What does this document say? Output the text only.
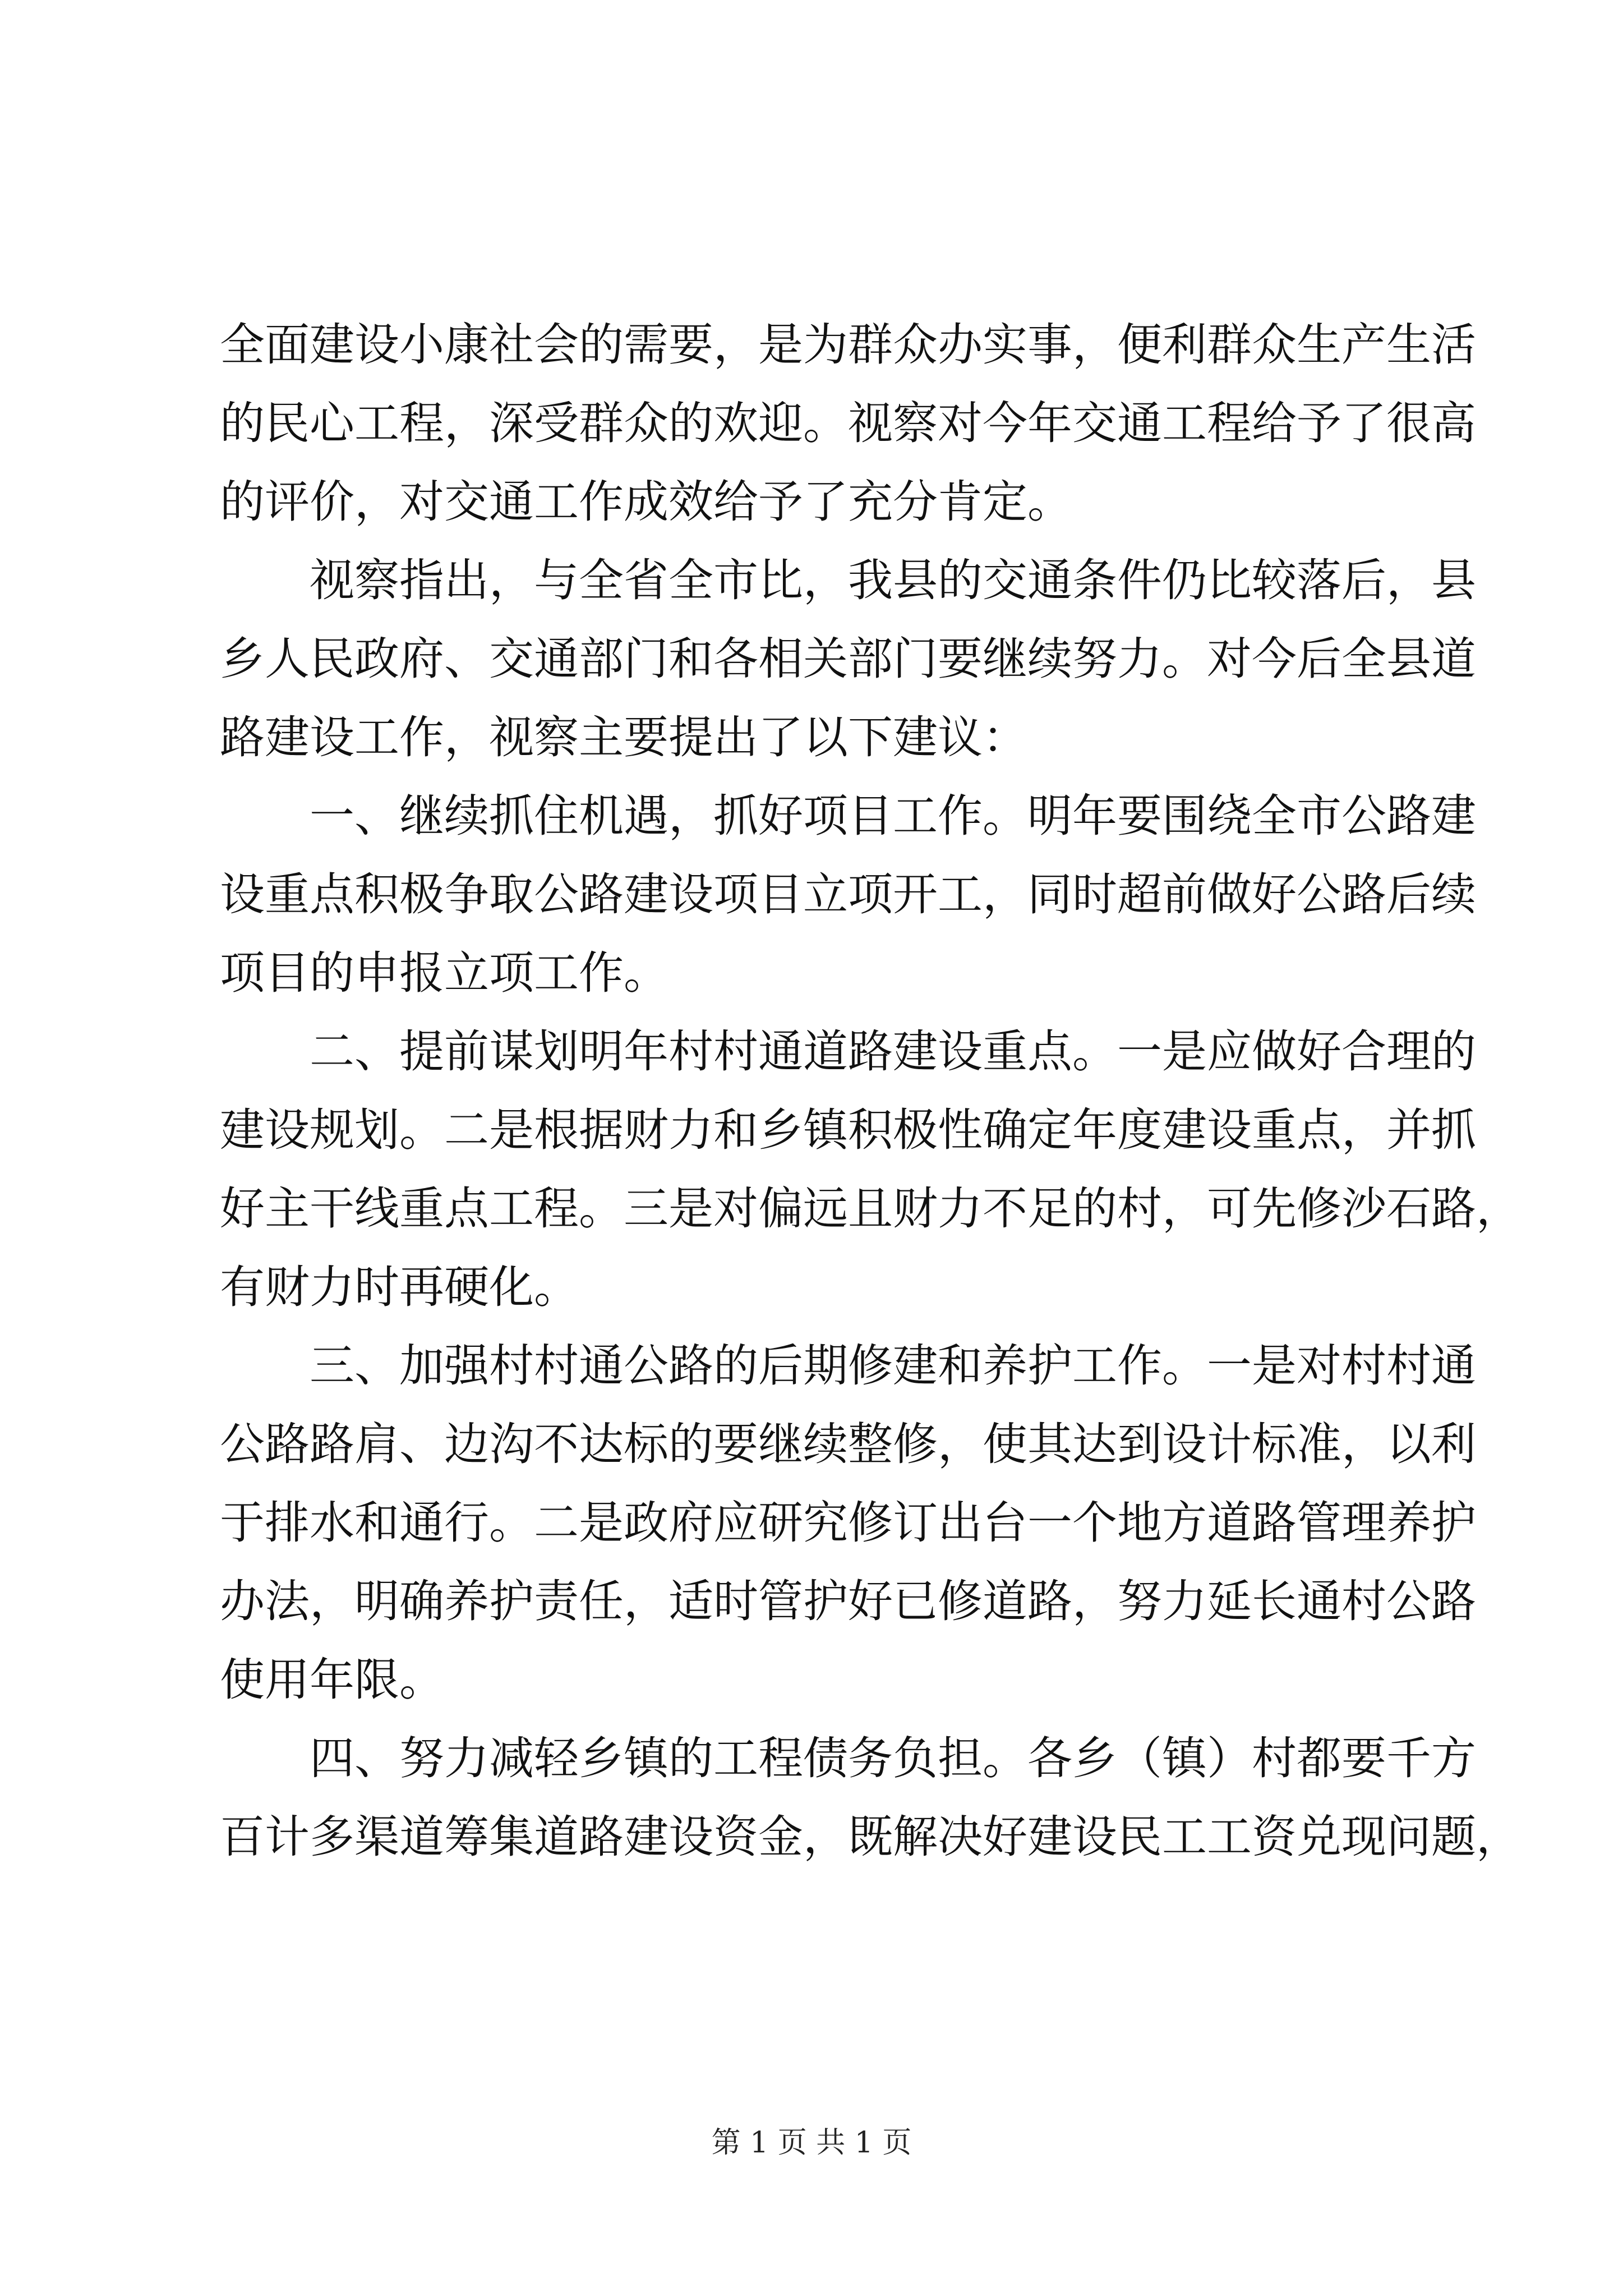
全面建设小康社会的需要，是为群众办实事，便利群众生产生活
的民心工程，深受群众的欢迎。视察对今年交通工程给予了很高
的评价，对交通工作成效给予了充分肯定。
视察指出，与全省全市比，我县的交通条件仍比较落后，县
乡人民政府、交通部门和各相关部门要继续努力。对今后全县道
路建设工作，视察主要提出了以下建议：
一、继续抓住机遇，抓好项目工作。明年要围绕全市公路建
设重点积极争取公路建设项目立项开工，同时超前做好公路后续
项目的申报立项工作。
二、提前谋划明年村村通道路建设重点。一是应做好合理的
建设规划。二是根据财力和乡镇积极性确定年度建设重点，并抓
好主干线重点工程。三是对偏远且财力不足的村，可先修沙石路，
有财力时再硬化。
三、加强村村通公路的后期修建和养护工作。一是对村村通
公路路肩、边沟不达标的要继续整修，使其达到设计标准，以利
于排水和通行。二是政府应研究修订出台一个地方道路管理养护
办法，明确养护责任，适时管护好已修道路，努力延长通村公路
使用年限。
四、努力减轻乡镇的工程债务负担。各乡（镇）村都要千方
百计多渠道筹集道路建设资金，既解决好建设民工工资兑现问题，
第 1 页 共 1 页
